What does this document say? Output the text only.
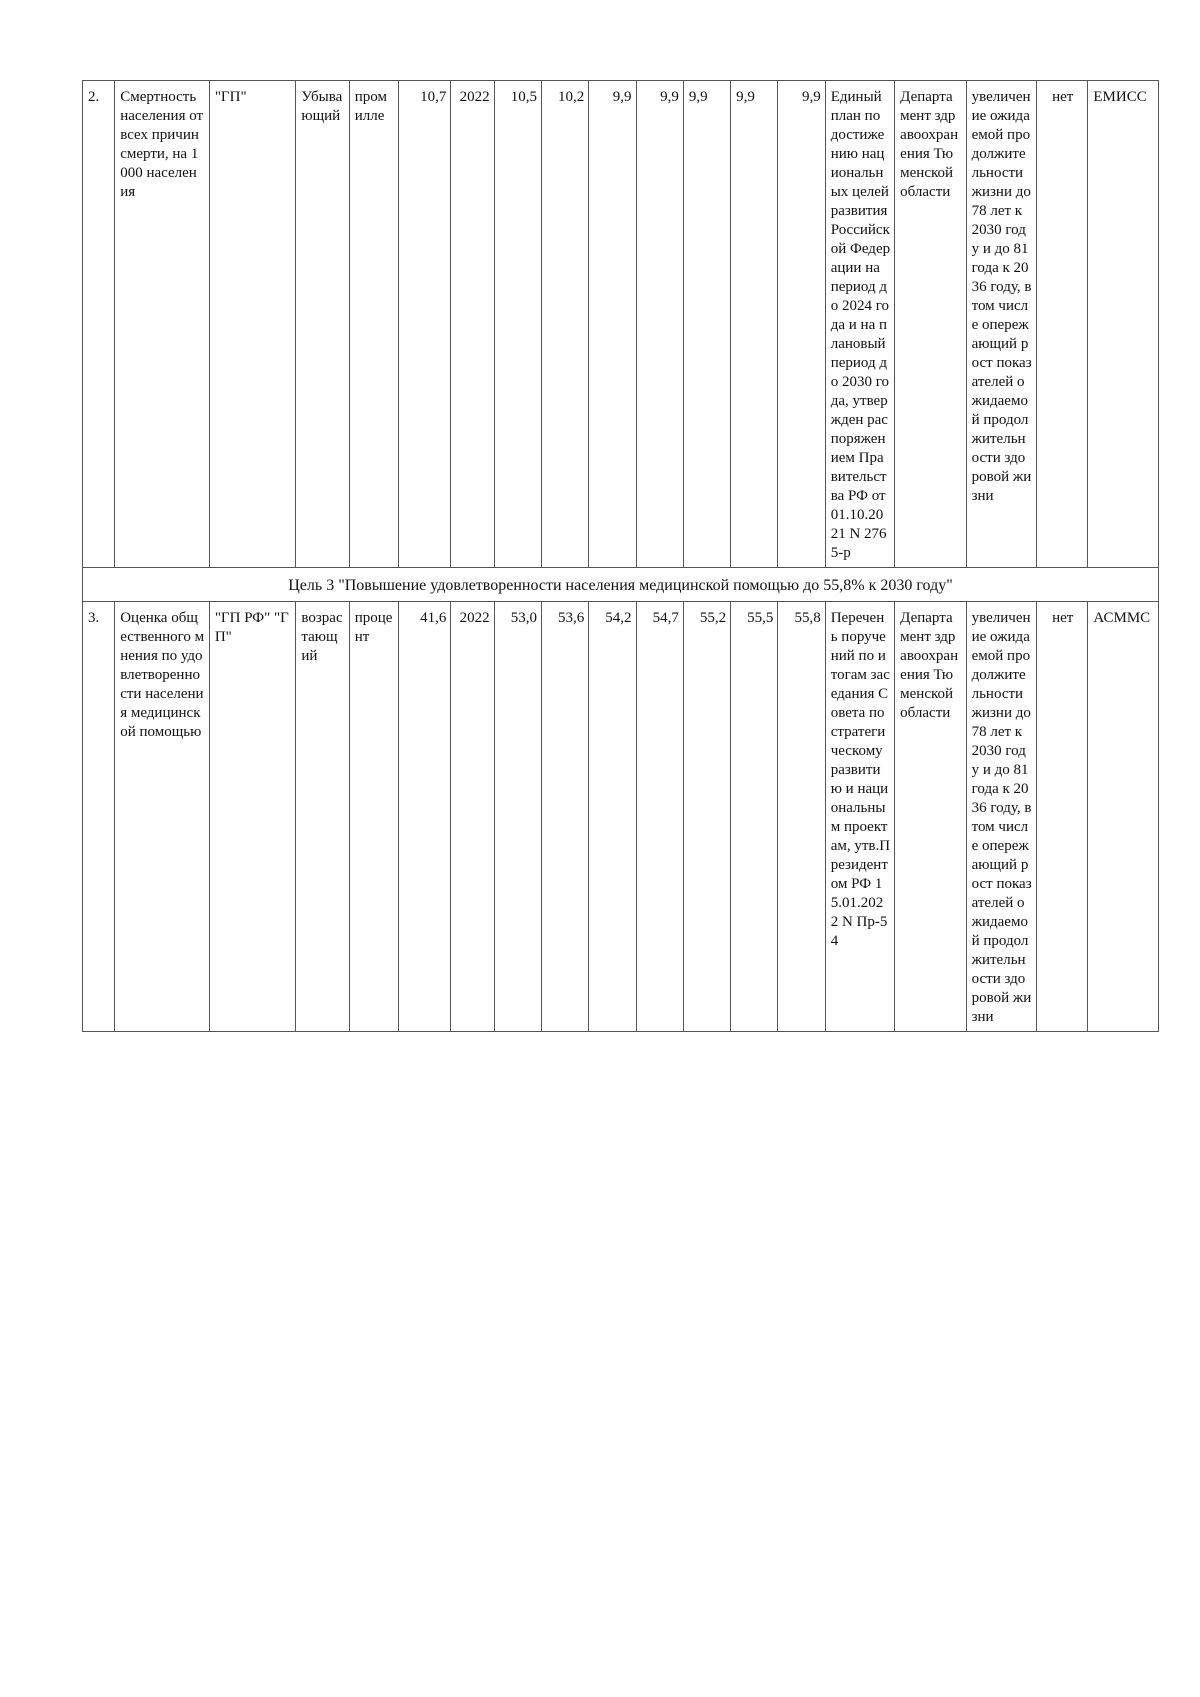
2.	Смертность населения от всех причин смерти, на 1000 населения	"ГП"	Убывающий	промилле	10,7	2022	10,5	10,2	9,9	9,9	9,9	9,9	9,9	Единый план по достижению национальных целей развития Российской Федерации на период до 2024 года и на плановый период до 2030 года, утвержден распоряжением Правительства РФ от 01.10.2021 N 2765-р	Департамент здравоохранения Тюменской области	увеличение ожидаемой продолжительности жизни до 78 лет к 2030 году и до 81 года к 2036 году, в том числе опережающий рост показателей ожидаемой продолжительности здоровой жизни	нет	ЕМИСС
Цель 3 "Повышение удовлетворенности населения медицинской помощью до 55,8% к 2030 году"																		
3.	Оценка общественного мнения по удовлетворенности населения медицинской помощью	"ГП РФ" "ГП"	возрастающий	процент	41,6	2022	53,0	53,6	54,2	54,7	55,2	55,5	55,8	Перечень поручений по итогам заседания Совета по стратегическому развитию и национальным проектам, утв.Президентом РФ 15.01.2022 N Пр-54	Департамент здравоохранения Тюменской области	увеличение ожидаемой продолжительности жизни до 78 лет к 2030 году и до 81 года к 2036 году, в том числе опережающий рост показателей ожидаемой продолжительности здоровой жизни	нет	АСММС
